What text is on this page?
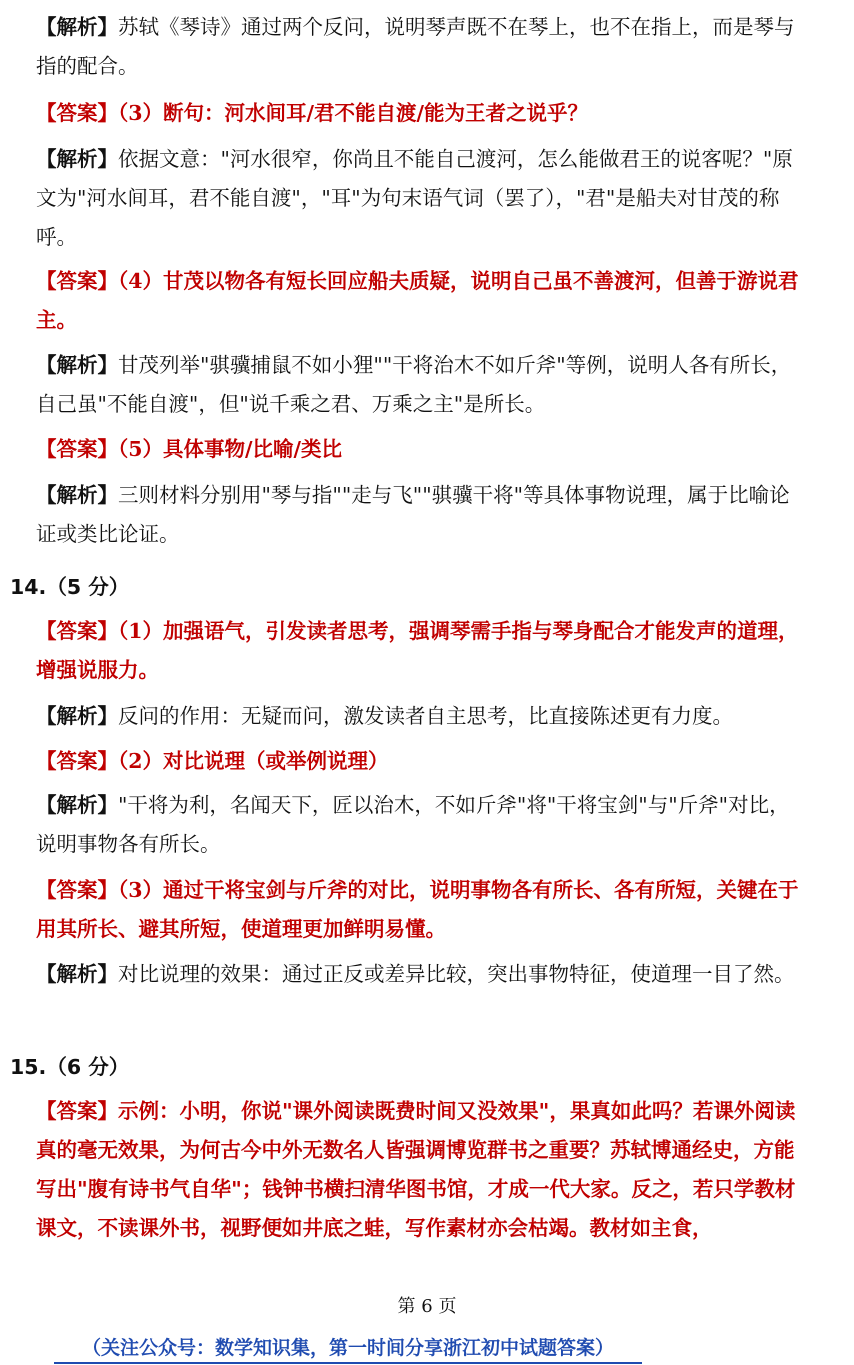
【解析】苏轼《琴诗》通过两个反问，说明琴声既不在琴上，也不在指上，而是琴与指的配合。

【答案】（3）断句：河水间耳/君不能自渡/能为王者之说乎？

【解析】依据文意："河水很窄，你尚且不能自己渡河，怎么能做君王的说客呢？"原文为"河水间耳，君不能自渡"，"耳"为句末语气词（罢了），"君"是船夫对甘茂的称呼。

【答案】（4）甘茂以物各有短长回应船夫质疑，说明自己虽不善渡河，但善于游说君主。

【解析】甘茂列举"骐骥捕鼠不如小狸""干将治木不如斤斧"等例，说明人各有所长，自己虽"不能自渡"，但"说千乘之君、万乘之主"是所长。

【答案】（5）具体事物/比喻/类比

【解析】三则材料分别用"琴与指""走与飞""骐骥干将"等具体事物说理，属于比喻论证或类比论证。

14.（5 分）

【答案】（1）加强语气，引发读者思考，强调琴需手指与琴身配合才能发声的道理，增强说服力。

【解析】反问的作用：无疑而问，激发读者自主思考，比直接陈述更有力度。

【答案】（2）对比说理（或举例说理）

【解析】"干将为利，名闻天下，匠以治木，不如斤斧"将"干将宝剑"与"斤斧"对比，说明事物各有所长。

【答案】（3）通过干将宝剑与斤斧的对比，说明事物各有所长、各有所短，关键在于用其所长、避其所短，使道理更加鲜明易懂。

【解析】对比说理的效果：通过正反或差异比较，突出事物特征，使道理一目了然。

15.（6 分）

【答案】示例：小明，你说"课外阅读既费时间又没效果"，果真如此吗？若课外阅读真的毫无效果，为何古今中外无数名人皆强调博览群书之重要？苏轼博通经史，方能写出"腹有诗书气自华"；钱钟书横扫清华图书馆，才成一代大家。反之，若只学教材课文，不读课外书，视野便如井底之蛙，写作素材亦会枯竭。教材如主食，

第 6 页
（关注公众号：数学知识集，第一时间分享浙江初中试题答案）
